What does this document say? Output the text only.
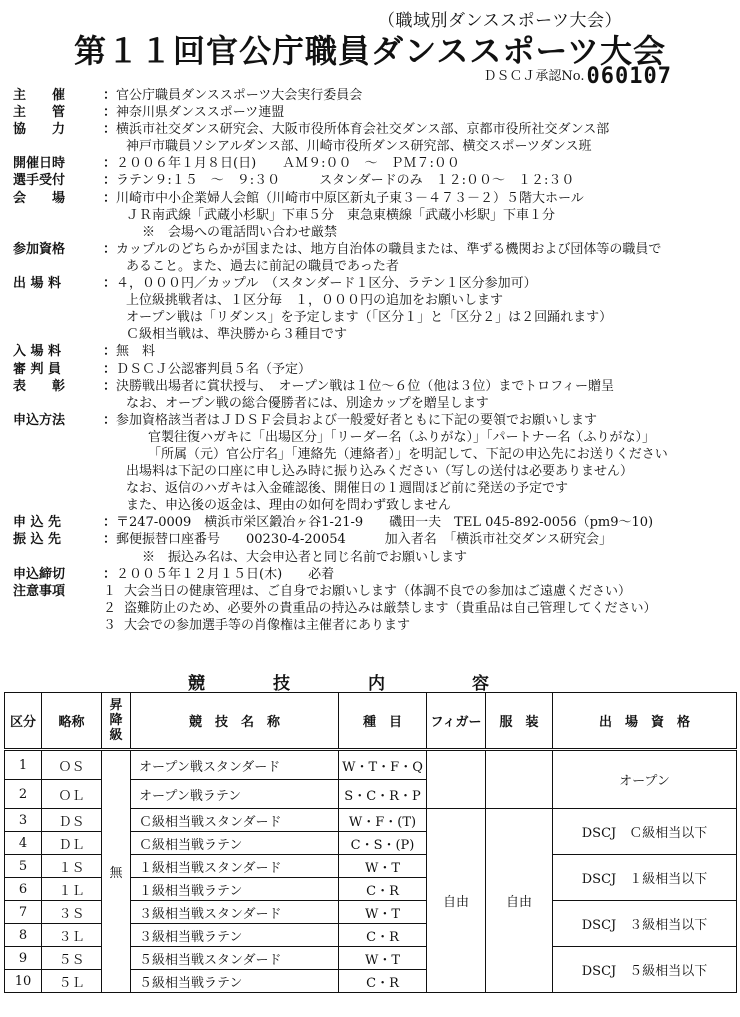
（職域別ダンススポーツ大会）
第１１回官公庁職員ダンススポーツ大会
ＤＳＣＪ承認No.060107
主　　催	： 官公庁職員ダンススポーツ大会実行委員会
主　　管	： 神奈川県ダンススポーツ連盟
協　　力	： 横浜市社交ダンス研究会、大阪市役所体育会社交ダンス部、京都市役所社交ダンス部
神戸市職員ソシアルダンス部、川崎市役所ダンス研究部、横交スポーツダンス班
開催日時	： ２００６年１月８日(日)　　ＡＭ９:００　～　ＰＭ７:００
選手受付	： ラテン９:１５　～　９:３０　　　スタンダードのみ　１２:００～　１２:３０
会　　場	： 川崎市中小企業婦人会館（川崎市中原区新丸子東３－４７３－２）５階大ホール
ＪＲ南武線「武蔵小杉駅」下車５分　東急東横線「武蔵小杉駅」下車１分
※　会場への電話問い合わせ厳禁
参加資格	： カップルのどちらかが国または、地方自治体の職員または、準ずる機関および団体等の職員で
あること。また、過去に前記の職員であった者
出 場 料	： ４，０００円／カップル　（スタンダード１区分、ラテン１区分参加可）
上位級挑戦者は、１区分毎　１，０００円の追加をお願いします
オープン戦は「リダンス」を予定します（「区分１」と「区分２」は２回踊れます）
Ｃ級相当戦は、準決勝から３種目です
入 場 料	： 無　料
審 判 員	： ＤＳＣＪ公認審判員５名（予定）
表　　彰	： 決勝戦出場者に賞状授与、　オープン戦は１位～６位（他は３位）までトロフィー贈呈
なお、オープン戦の総合優勝者には、別途カップを贈呈します
申込方法	： 参加資格該当者はＪＤＳＦ会員および一般愛好者ともに下記の要領でお願いします
官製往復ハガキに「出場区分」「リーダー名（ふりがな）」「パートナー名（ふりがな）」
「所属（元）官公庁名」「連絡先（連絡者）」を明記して、下記の申込先にお送りください
出場料は下記の口座に申し込み時に振り込みください（写しの送付は必要ありません）
なお、返信のハガキは入金確認後、開催日の１週間ほど前に発送の予定です
また、申込後の返金は、理由の如何を問わず致しません
申 込 先	： 〒247-0009　横浜市栄区鍛冶ヶ谷1-21-9　　磯田一夫　TEL 045-892-0056（pm9～10)
振 込 先	： 郵便振替口座番号　　00230-4-20054　　　加入者名　「横浜市社交ダンス研究会」
※　振込み名は、大会申込者と同じ名前でお願いします
申込締切	： ２００５年１２月１５日(木)　　必着
注意事項	１ 大会当日の健康管理は、ご自身でお願いします（体調不良での参加はご遠慮ください）
２ 盗難防止のため、必要外の貴重品の持込みは厳禁します（貴重品は自己管理してください）
３ 大会での参加選手等の肖像権は主催者にあります
競	技	内	容
区分	略称	昇
降
級	競　技　名　称	種　目	フィガー	服　装	出　場　資　格
1	ＯＳ	無	オープン戦スタンダード	W・T・F・Q			オープン
2	ＯＬ		オープン戦ラテン	S・C・R・P			
3	ＤＳ		Ｃ級相当戦スタンダード	W・F・(T)	自由	自由	DSCJ　Ｃ級相当以下
4	ＤＬ		Ｃ級相当戦ラテン	C・S・(P)			
5	１Ｓ		１級相当戦スタンダード	W・T			DSCJ　１級相当以下
6	１Ｌ		１級相当戦ラテン	C・R			
7	３Ｓ		３級相当戦スタンダード	W・T			DSCJ　３級相当以下
8	３Ｌ		３級相当戦ラテン	C・R			
9	５Ｓ		５級相当戦スタンダード	W・T			DSCJ　５級相当以下
10	５Ｌ		５級相当戦ラテン	C・R			
